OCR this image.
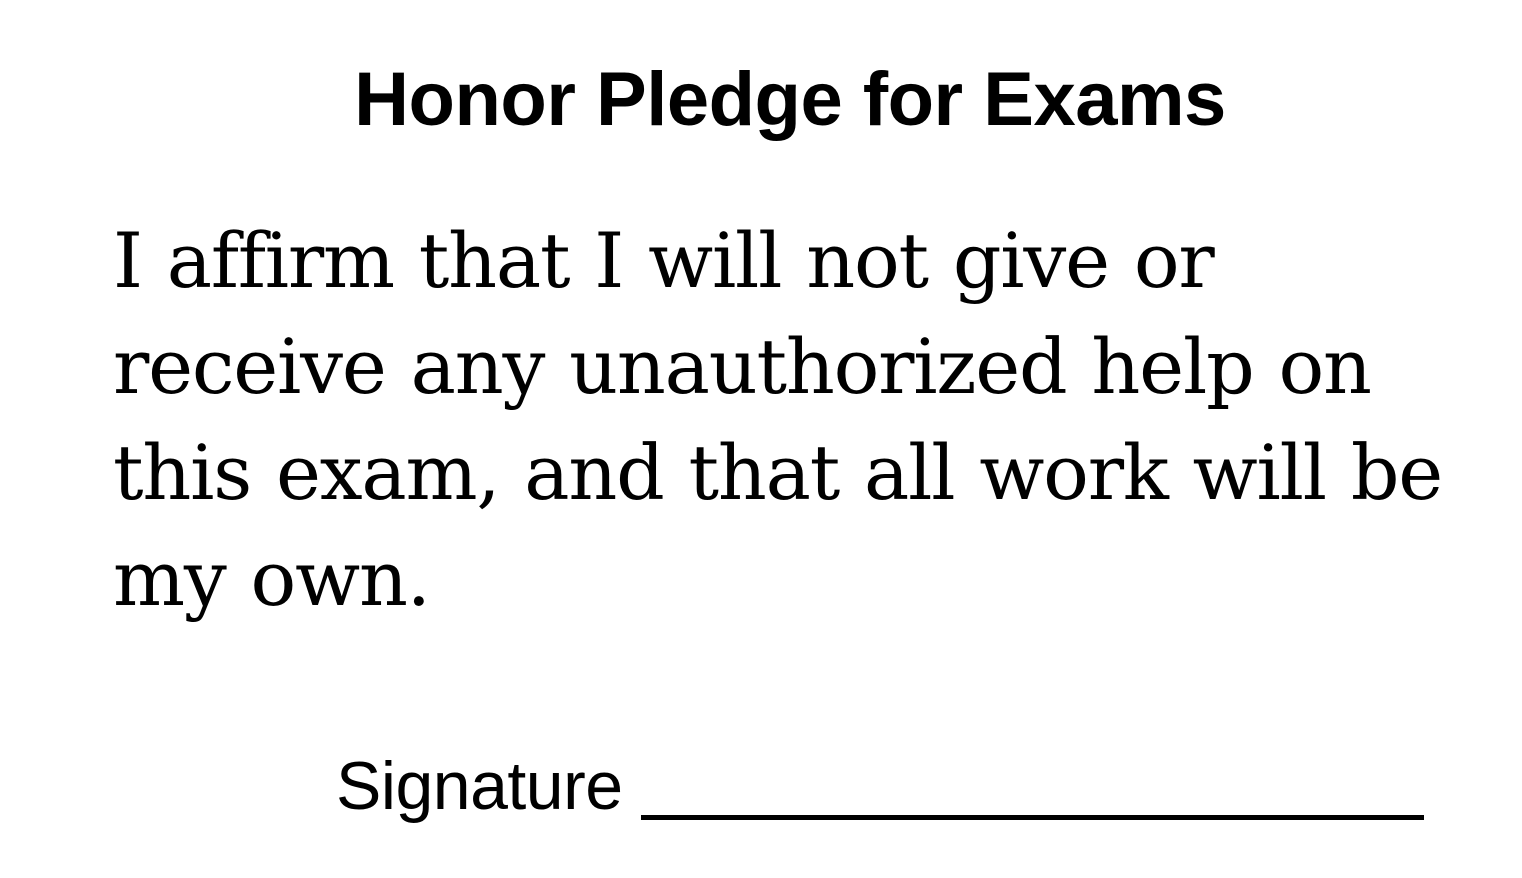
Honor Pledge for Exams

I affirm that I will not give or receive any unauthorized help on this exam, and that all work will be my own.

Signature
